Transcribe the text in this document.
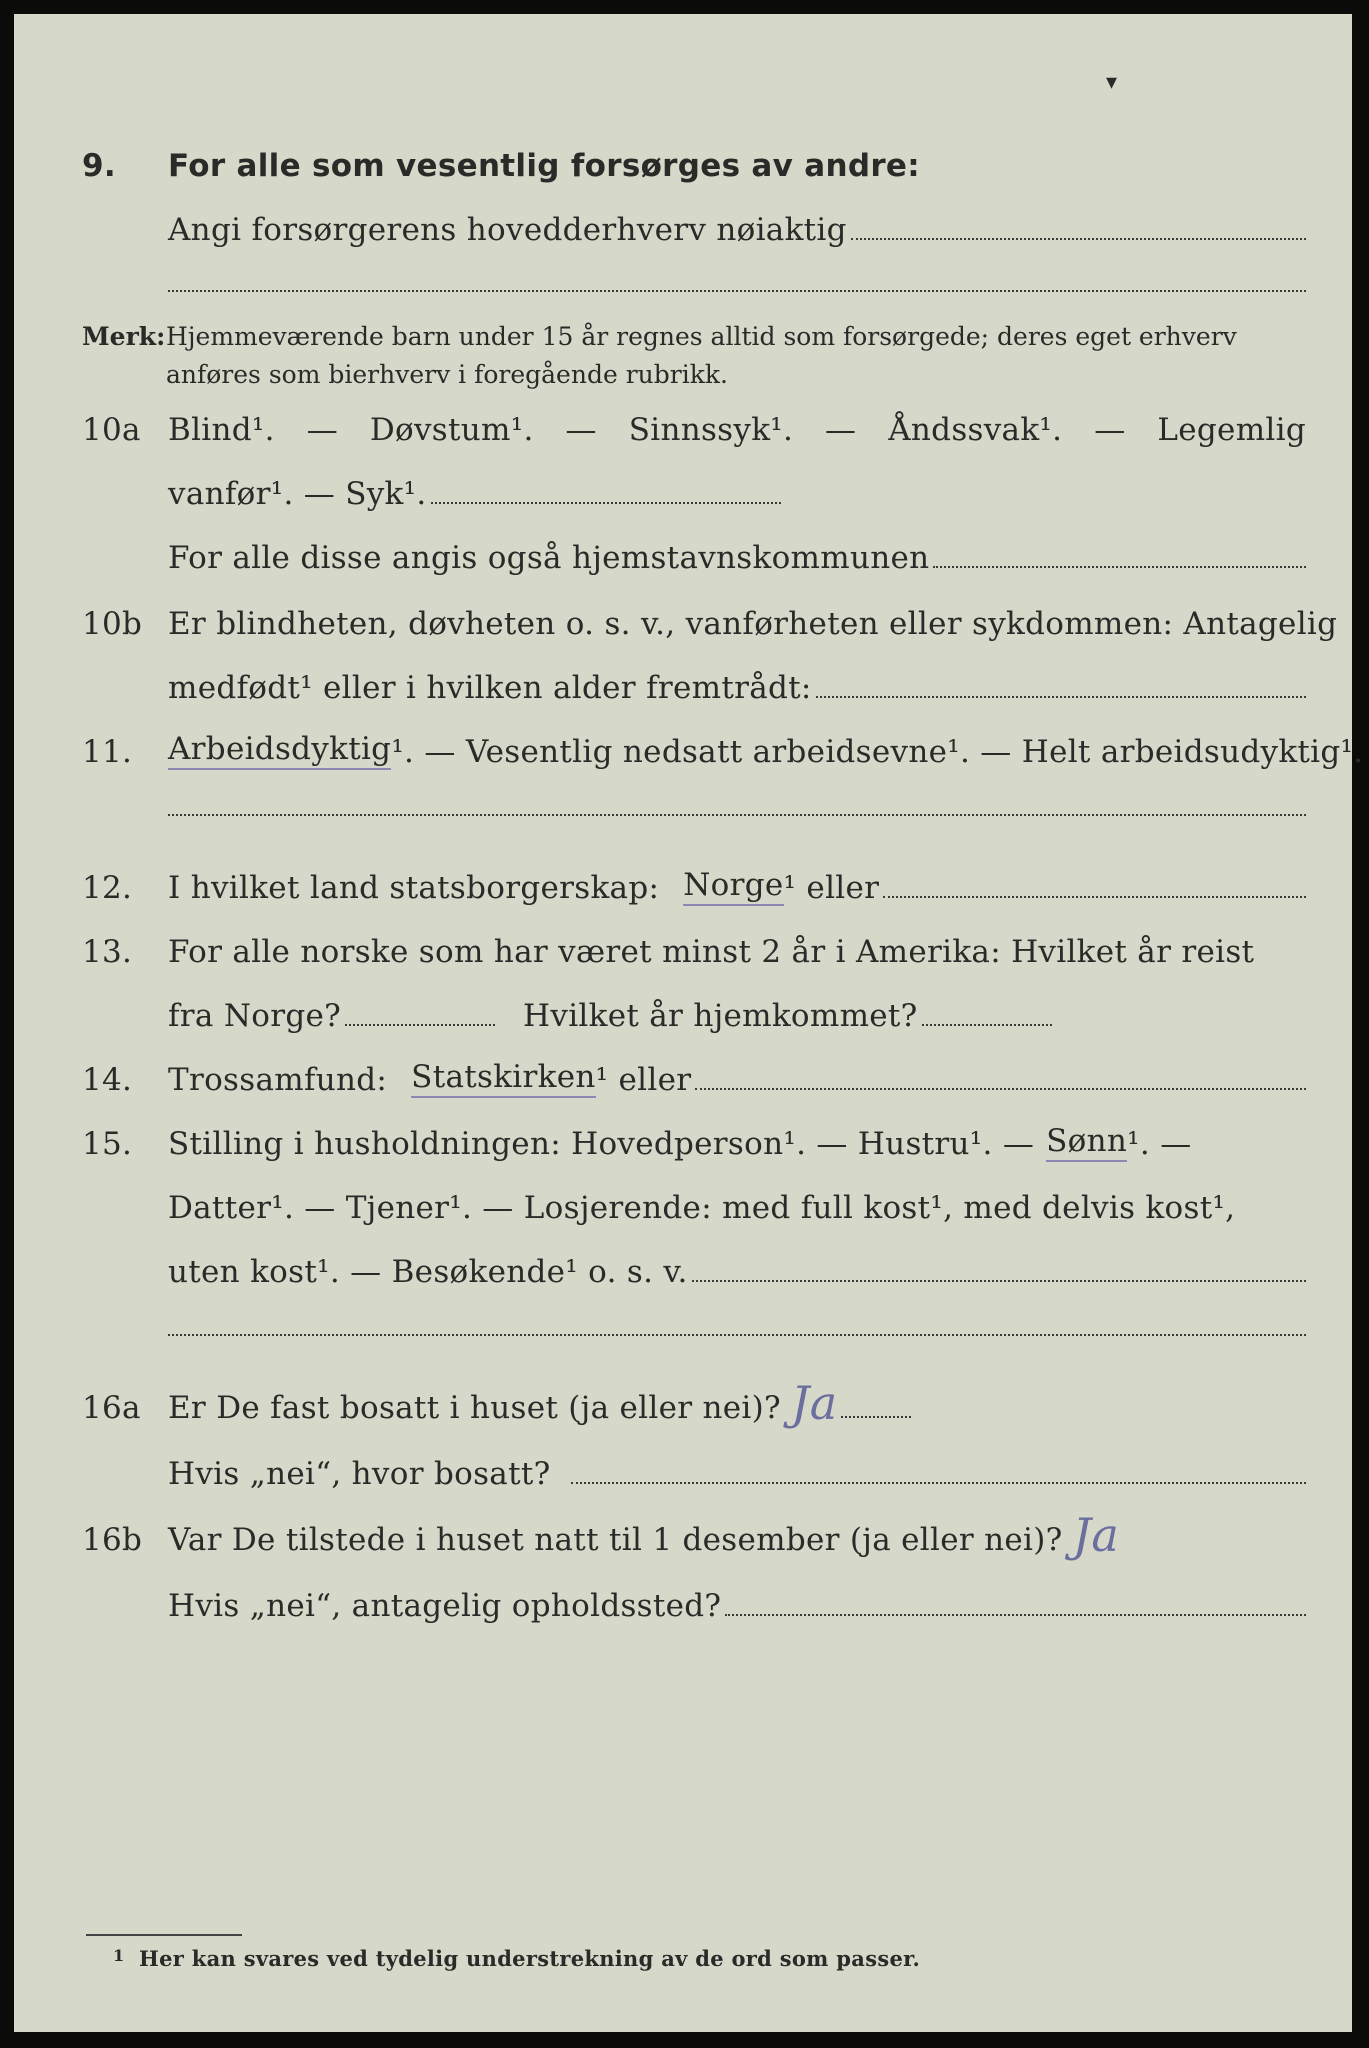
▾
9. For alle som vesentlig forsørges av andre:
Angi forsørgerens hovedderhverv nøiaktig
Merk: Hjemmeværende barn under 15 år regnes alltid som forsørgede; deres eget erhverv
anføres som bierhverv i foregående rubrikk.
10a Blind¹. — Døvstum¹. — Sinnssyk¹. — Åndssvak¹. — Legemlig
vanfør¹. — Syk¹.
For alle disse angis også hjemstavnskommunen
10b Er blindheten, døvheten o. s. v., vanførheten eller sykdommen: Antagelig
medfødt¹ eller i hvilken alder fremtrådt:
11. Arbeidsdyktig ¹. — Vesentlig nedsatt arbeidsevne¹. — Helt arbeidsudyktig¹.
12. I hvilket land statsborgerskap: Norge ¹ eller
13. For alle norske som har været minst 2 år i Amerika: Hvilket år reist
fra Norge?	Hvilket år hjemkommet?
14. Trossamfund: Statskirken ¹ eller
15. Stilling i husholdningen: Hovedperson¹. — Hustru¹. — Sønn ¹. —
Datter¹. — Tjener¹. — Losjerende: med full kost¹, med delvis kost¹,
uten kost¹. — Besøkende¹ o. s. v.
16a Er De fast bosatt i huset (ja eller nei)? Ja
Hvis „nei“, hvor bosatt?
16b Var De tilstede i huset natt til 1 desember (ja eller nei)? Ja
Hvis „nei“, antagelig opholdssted?
1 Her kan svares ved tydelig understrekning av de ord som passer.
